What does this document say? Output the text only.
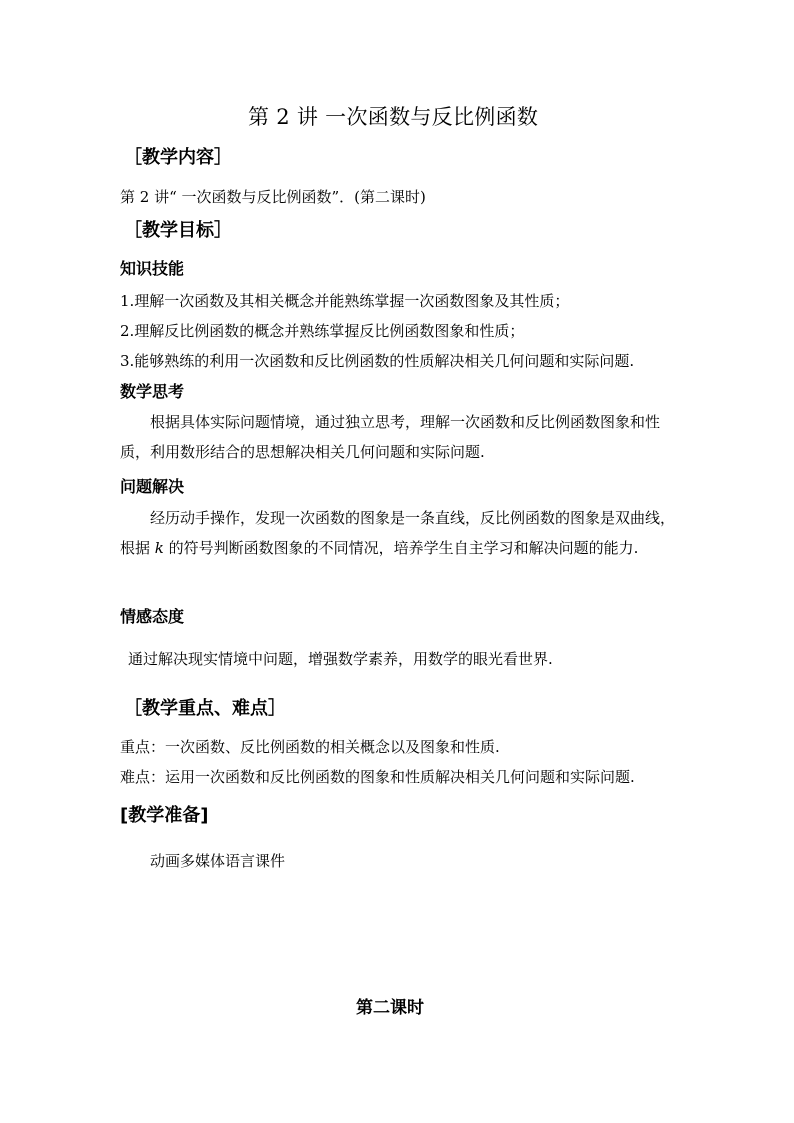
第 2 讲 一次函数与反比例函数
［教学内容］
第 2 讲“ 一次函数与反比例函数”．(第二课时)
［教学目标］
知识技能
1.理解一次函数及其相关概念并能熟练掌握一次函数图象及其性质；
2.理解反比例函数的概念并熟练掌握反比例函数图象和性质；
3.能够熟练的利用一次函数和反比例函数的性质解决相关几何问题和实际问题.
数学思考
根据具体实际问题情境，通过独立思考，理解一次函数和反比例函数图象和性质，利用数形结合的思想解决相关几何问题和实际问题.
问题解决
经历动手操作，发现一次函数的图象是一条直线，反比例函数的图象是双曲线，根据 k 的符号判断函数图象的不同情况，培养学生自主学习和解决问题的能力.
情感态度
通过解决现实情境中问题，增强数学素养，用数学的眼光看世界.
［教学重点、难点］
重点：一次函数、反比例函数的相关概念以及图象和性质.
难点：运用一次函数和反比例函数的图象和性质解决相关几何问题和实际问题.
[教学准备]
动画多媒体语言课件
第二课时
